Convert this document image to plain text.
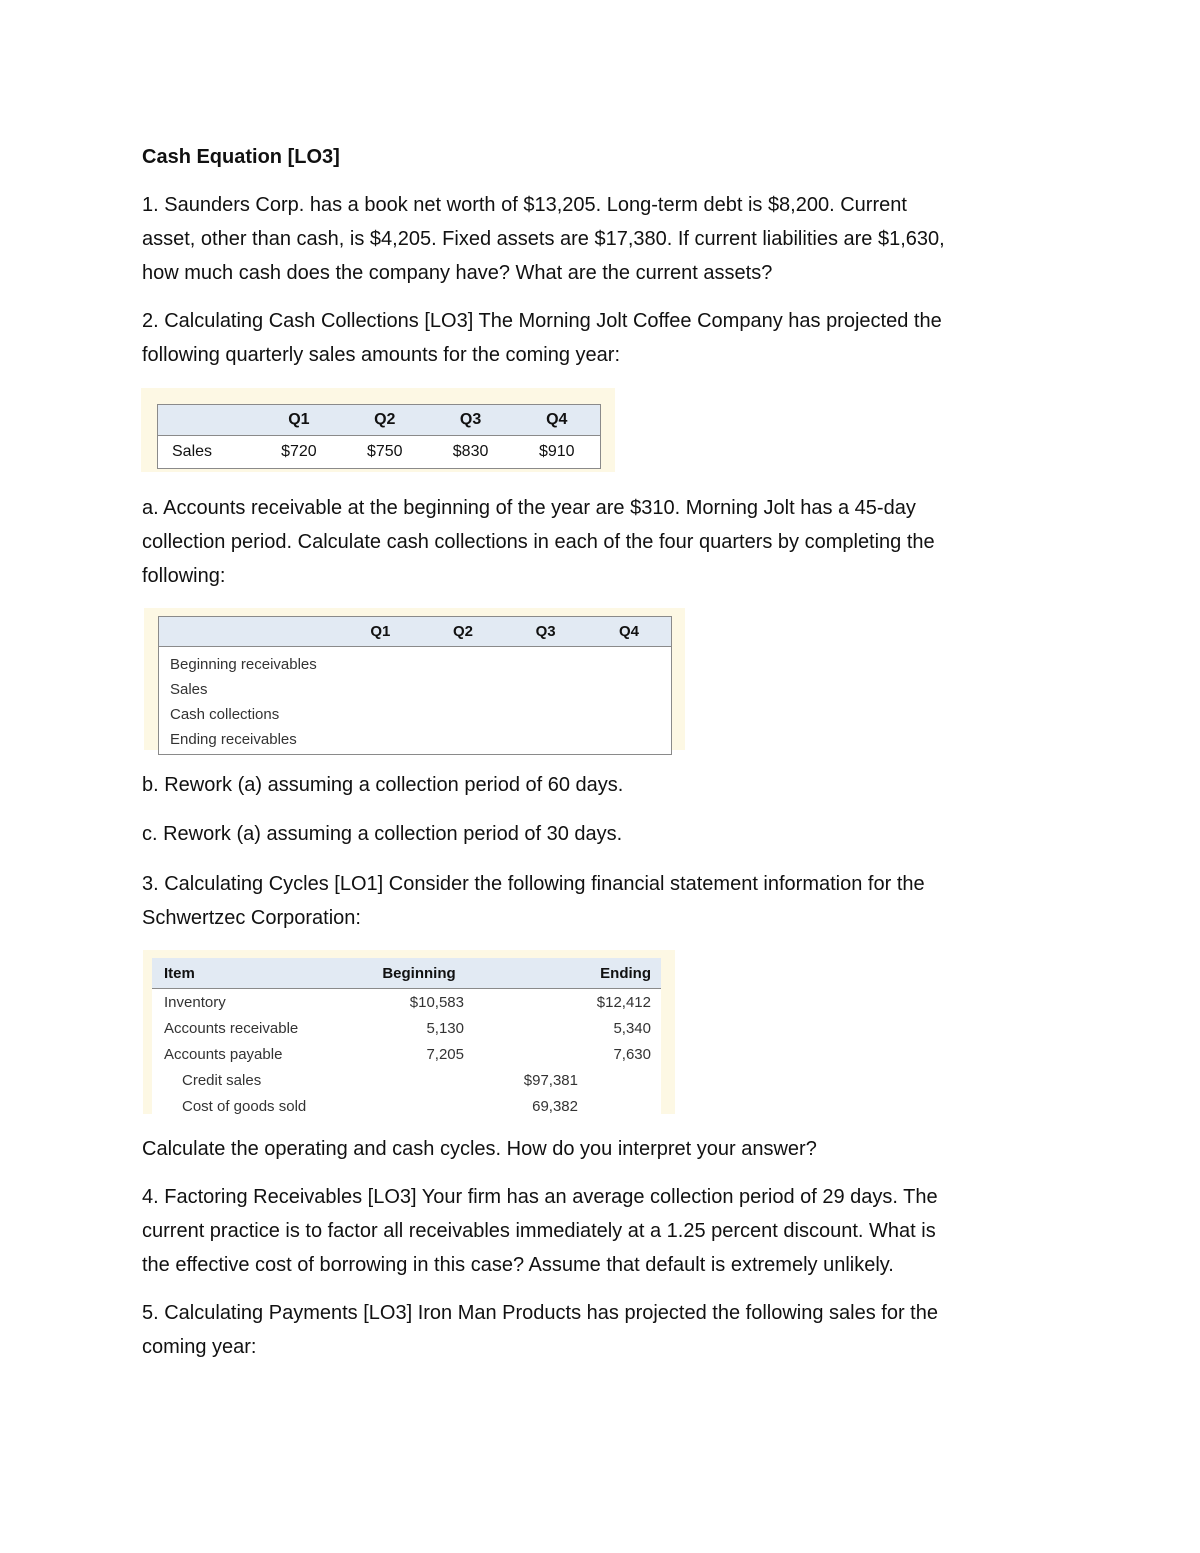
Cash Equation [LO3]
1. Saunders Corp. has a book net worth of $13,205. Long-term debt is $8,200. Current
asset, other than cash, is $4,205. Fixed assets are $17,380. If current liabilities are $1,630,
how much cash does the company have? What are the current assets?
2. Calculating Cash Collections [LO3] The Morning Jolt Coffee Company has projected the
following quarterly sales amounts for the coming year:
	Q1	Q2	Q3	Q4
Sales	$720	$750	$830	$910
a. Accounts receivable at the beginning of the year are $310. Morning Jolt has a 45-day
collection period. Calculate cash collections in each of the four quarters by completing the
following:
	Q1	Q2	Q3	Q4
Beginning receivables
Sales
Cash collections
Ending receivables
b. Rework (a) assuming a collection period of 60 days.
c. Rework (a) assuming a collection period of 30 days.
3. Calculating Cycles [LO1] Consider the following financial statement information for the
Schwertzec Corporation:
Item	Beginning		Ending
Inventory	$10,583		$12,412
Accounts receivable	5,130		5,340
Accounts payable	7,205		7,630
Credit sales		$97,381	
Cost of goods sold		69,382	
Calculate the operating and cash cycles. How do you interpret your answer?
4. Factoring Receivables [LO3] Your firm has an average collection period of 29 days. The
current practice is to factor all receivables immediately at a 1.25 percent discount. What is
the effective cost of borrowing in this case? Assume that default is extremely unlikely.
5. Calculating Payments [LO3] Iron Man Products has projected the following sales for the
coming year:
